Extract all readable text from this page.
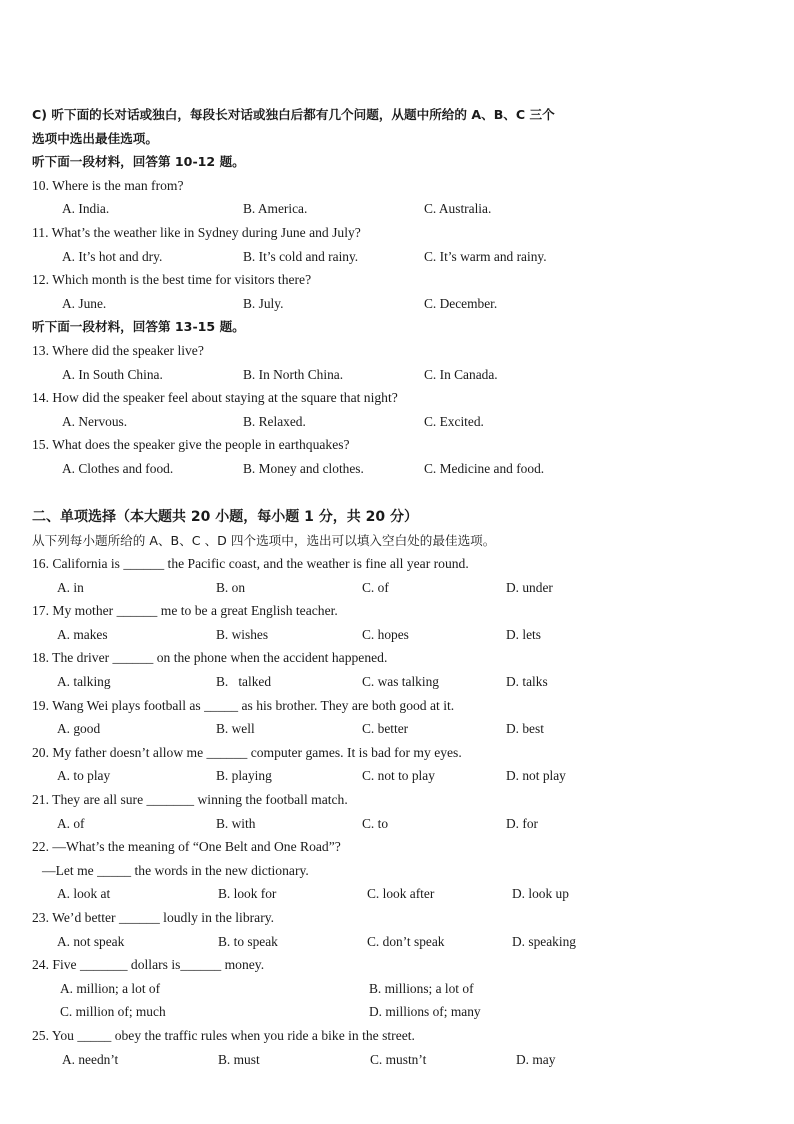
C) 听下面的长对话或独白，每段长对话或独白后都有几个问题，从题中所给的 A、B、C 三个
选项中选出最佳选项。
听下面一段材料，回答第 10-12 题。
10. Where is the man from?
A. India.	B. America.	C. Australia.
11. What’s the weather like in Sydney during June and July?
A. It’s hot and dry.	B. It’s cold and rainy.	C. It’s warm and rainy.
12. Which month is the best time for visitors there?
A. June.	B. July.	C. December.
听下面一段材料，回答第 13-15 题。
13. Where did the speaker live?
A. In South China.	B. In North China.	C. In Canada.
14. How did the speaker feel about staying at the square that night?
A. Nervous.	B. Relaxed.	C. Excited.
15. What does the speaker give the people in earthquakes?
A. Clothes and food.	B. Money and clothes.	C. Medicine and food.
二、单项选择（本大题共 20 小题，每小题 1 分，共 20 分）
从下列每小题所给的 A、B、C 、D 四个选项中，选出可以填入空白处的最佳选项。
16. California is ______ the Pacific coast, and the weather is fine all year round.
A. in	B. on	C. of	D. under
17. My mother ______ me to be a great English teacher.
A. makes	B. wishes	C. hopes	D. lets
18. The driver ______ on the phone when the accident happened.
A. talking	B.   talked	C. was talking	D. talks
19. Wang Wei plays football as _____ as his brother. They are both good at it.
A. good	B. well	C. better	D. best
20. My father doesn’t allow me ______ computer games. It is bad for my eyes.
A. to play	B. playing	C. not to play	D. not play
21. They are all sure _______ winning the football match.
A. of	B. with	C. to	D. for
22. —What’s the meaning of “One Belt and One Road”?
—Let me _____ the words in the new dictionary.
A. look at	B. look for	C. look after	D. look up
23. We’d better ______ loudly in the library.
A. not speak	B. to speak	C. don’t speak	D. speaking
24. Five _______ dollars is______ money.
A. million; a lot of	B. millions; a lot of
C. million of; much	D. millions of; many
25. You _____ obey the traffic rules when you ride a bike in the street.
A. needn’t	B. must	C. mustn’t	D. may
